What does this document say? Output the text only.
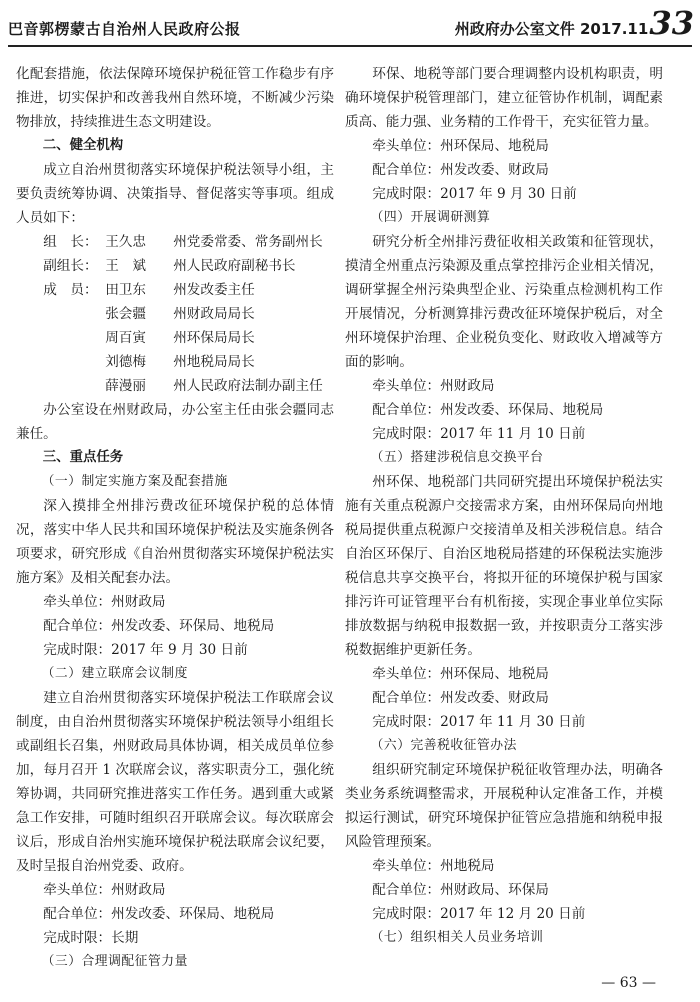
巴音郭楞蒙古自治州人民政府公报	州政府办公室文件 2017.11.
33

化配套措施，依法保障环境保护税征管工作稳步有序推进，切实保护和改善我州自然环境，不断减少污染物排放，持续推进生态文明建设。

二、健全机构

成立自治州贯彻落实环境保护税法领导小组，主要负责统筹协调、决策指导、督促落实等事项。组成人员如下：

组　长： 王久忠	州党委常委、常务副州长
副组长： 王　斌	州人民政府副秘书长
成　员： 田卫东	州发改委主任
张会疆	州财政局局长
周百寅	州环保局局长
刘德梅	州地税局局长
薛漫丽	州人民政府法制办副主任

办公室设在州财政局，办公室主任由张会疆同志兼任。

三、重点任务

（一）制定实施方案及配套措施

深入摸排全州排污费改征环境保护税的总体情况，落实中华人民共和国环境保护税法及实施条例各项要求，研究形成《自治州贯彻落实环境保护税法实施方案》及相关配套办法。

牵头单位：州财政局

配合单位：州发改委、环保局、地税局

完成时限：2017 年 9 月 30 日前

（二）建立联席会议制度

建立自治州贯彻落实环境保护税法工作联席会议制度，由自治州贯彻落实环境保护税法领导小组组长或副组长召集，州财政局具体协调，相关成员单位参加，每月召开 1 次联席会议，落实职责分工，强化统筹协调，共同研究推进落实工作任务。遇到重大或紧急工作安排，可随时组织召开联席会议。每次联席会议后，形成自治州实施环境保护税法联席会议纪要，及时呈报自治州党委、政府。

牵头单位：州财政局

配合单位：州发改委、环保局、地税局

完成时限：长期

（三）合理调配征管力量

环保、地税等部门要合理调整内设机构职责，明确环境保护税管理部门，建立征管协作机制，调配素质高、能力强、业务精的工作骨干，充实征管力量。

牵头单位：州环保局、地税局

配合单位：州发改委、财政局

完成时限：2017 年 9 月 30 日前

（四）开展调研测算

研究分析全州排污费征收相关政策和征管现状，摸清全州重点污染源及重点掌控排污企业相关情况，调研掌握全州污染典型企业、污染重点检测机构工作开展情况，分析测算排污费改征环境保护税后，对全州环境保护治理、企业税负变化、财政收入增减等方面的影响。

牵头单位：州财政局

配合单位：州发改委、环保局、地税局

完成时限：2017 年 11 月 10 日前

（五）搭建涉税信息交换平台

州环保、地税部门共同研究提出环境保护税法实施有关重点税源户交接需求方案，由州环保局向州地税局提供重点税源户交接清单及相关涉税信息。结合自治区环保厅、自治区地税局搭建的环保税法实施涉税信息共享交换平台，将拟开征的环境保护税与国家排污许可证管理平台有机衔接，实现企事业单位实际排放数据与纳税申报数据一致，并按职责分工落实涉税数据维护更新任务。

牵头单位：州环保局、地税局

配合单位：州发改委、财政局

完成时限：2017 年 11 月 30 日前

（六）完善税收征管办法

组织研究制定环境保护税征收管理办法，明确各类业务系统调整需求，开展税种认定准备工作，并模拟运行测试，研究环境保护征管应急措施和纳税申报风险管理预案。

牵头单位：州地税局

配合单位：州财政局、环保局

完成时限：2017 年 12 月 20 日前

（七）组织相关人员业务培训

— 63 —
